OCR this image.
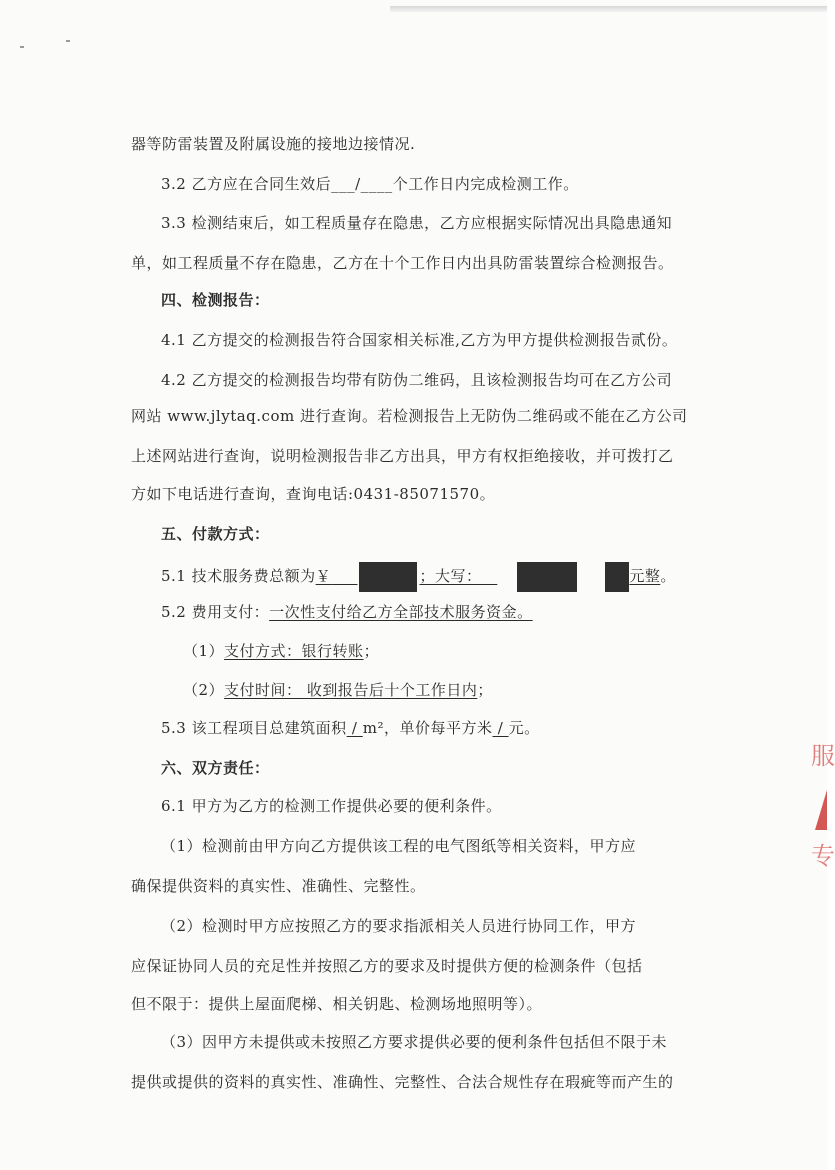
器等防雷装置及附属设施的接地边接情况.
3.2 乙方应在合同生效后___/____个工作日内完成检测工作。
3.3 检测结束后，如工程质量存在隐患，乙方应根据实际情况出具隐患通知
单，如工程质量不存在隐患，乙方在十个工作日内出具防雷装置综合检测报告。
四、检测报告：
4.1 乙方提交的检测报告符合国家相关标准,乙方为甲方提供检测报告贰份。
4.2 乙方提交的检测报告均带有防伪二维码，且该检测报告均可在乙方公司
网站 www.jlytaq.com 进行查询。若检测报告上无防伪二维码或不能在乙方公司
上述网站进行查询，说明检测报告非乙方出具，甲方有权拒绝接收，并可拨打乙
方如下电话进行查询，查询电话:0431-85071570。
五、付款方式：
5.1 技术服务费总额为￥	；大写：	元整。
5.2 费用支付：一次性支付给乙方全部技术服务资金。
（1）支付方式：银行转账；
（2）支付时间： 收到报告后十个工作日内；
5.3 该工程项目总建筑面积 / m²，单价每平方米 / 元。
六、双方责任：
6.1 甲方为乙方的检测工作提供必要的便利条件。
（1）检测前由甲方向乙方提供该工程的电气图纸等相关资料，甲方应
确保提供资料的真实性、准确性、完整性。
（2）检测时甲方应按照乙方的要求指派相关人员进行协同工作，甲方
应保证协同人员的充足性并按照乙方的要求及时提供方便的检测条件（包括
但不限于：提供上屋面爬梯、相关钥匙、检测场地照明等）。
（3）因甲方未提供或未按照乙方要求提供必要的便利条件包括但不限于未
提供或提供的资料的真实性、准确性、完整性、合法合规性存在瑕疵等而产生的
服
专
